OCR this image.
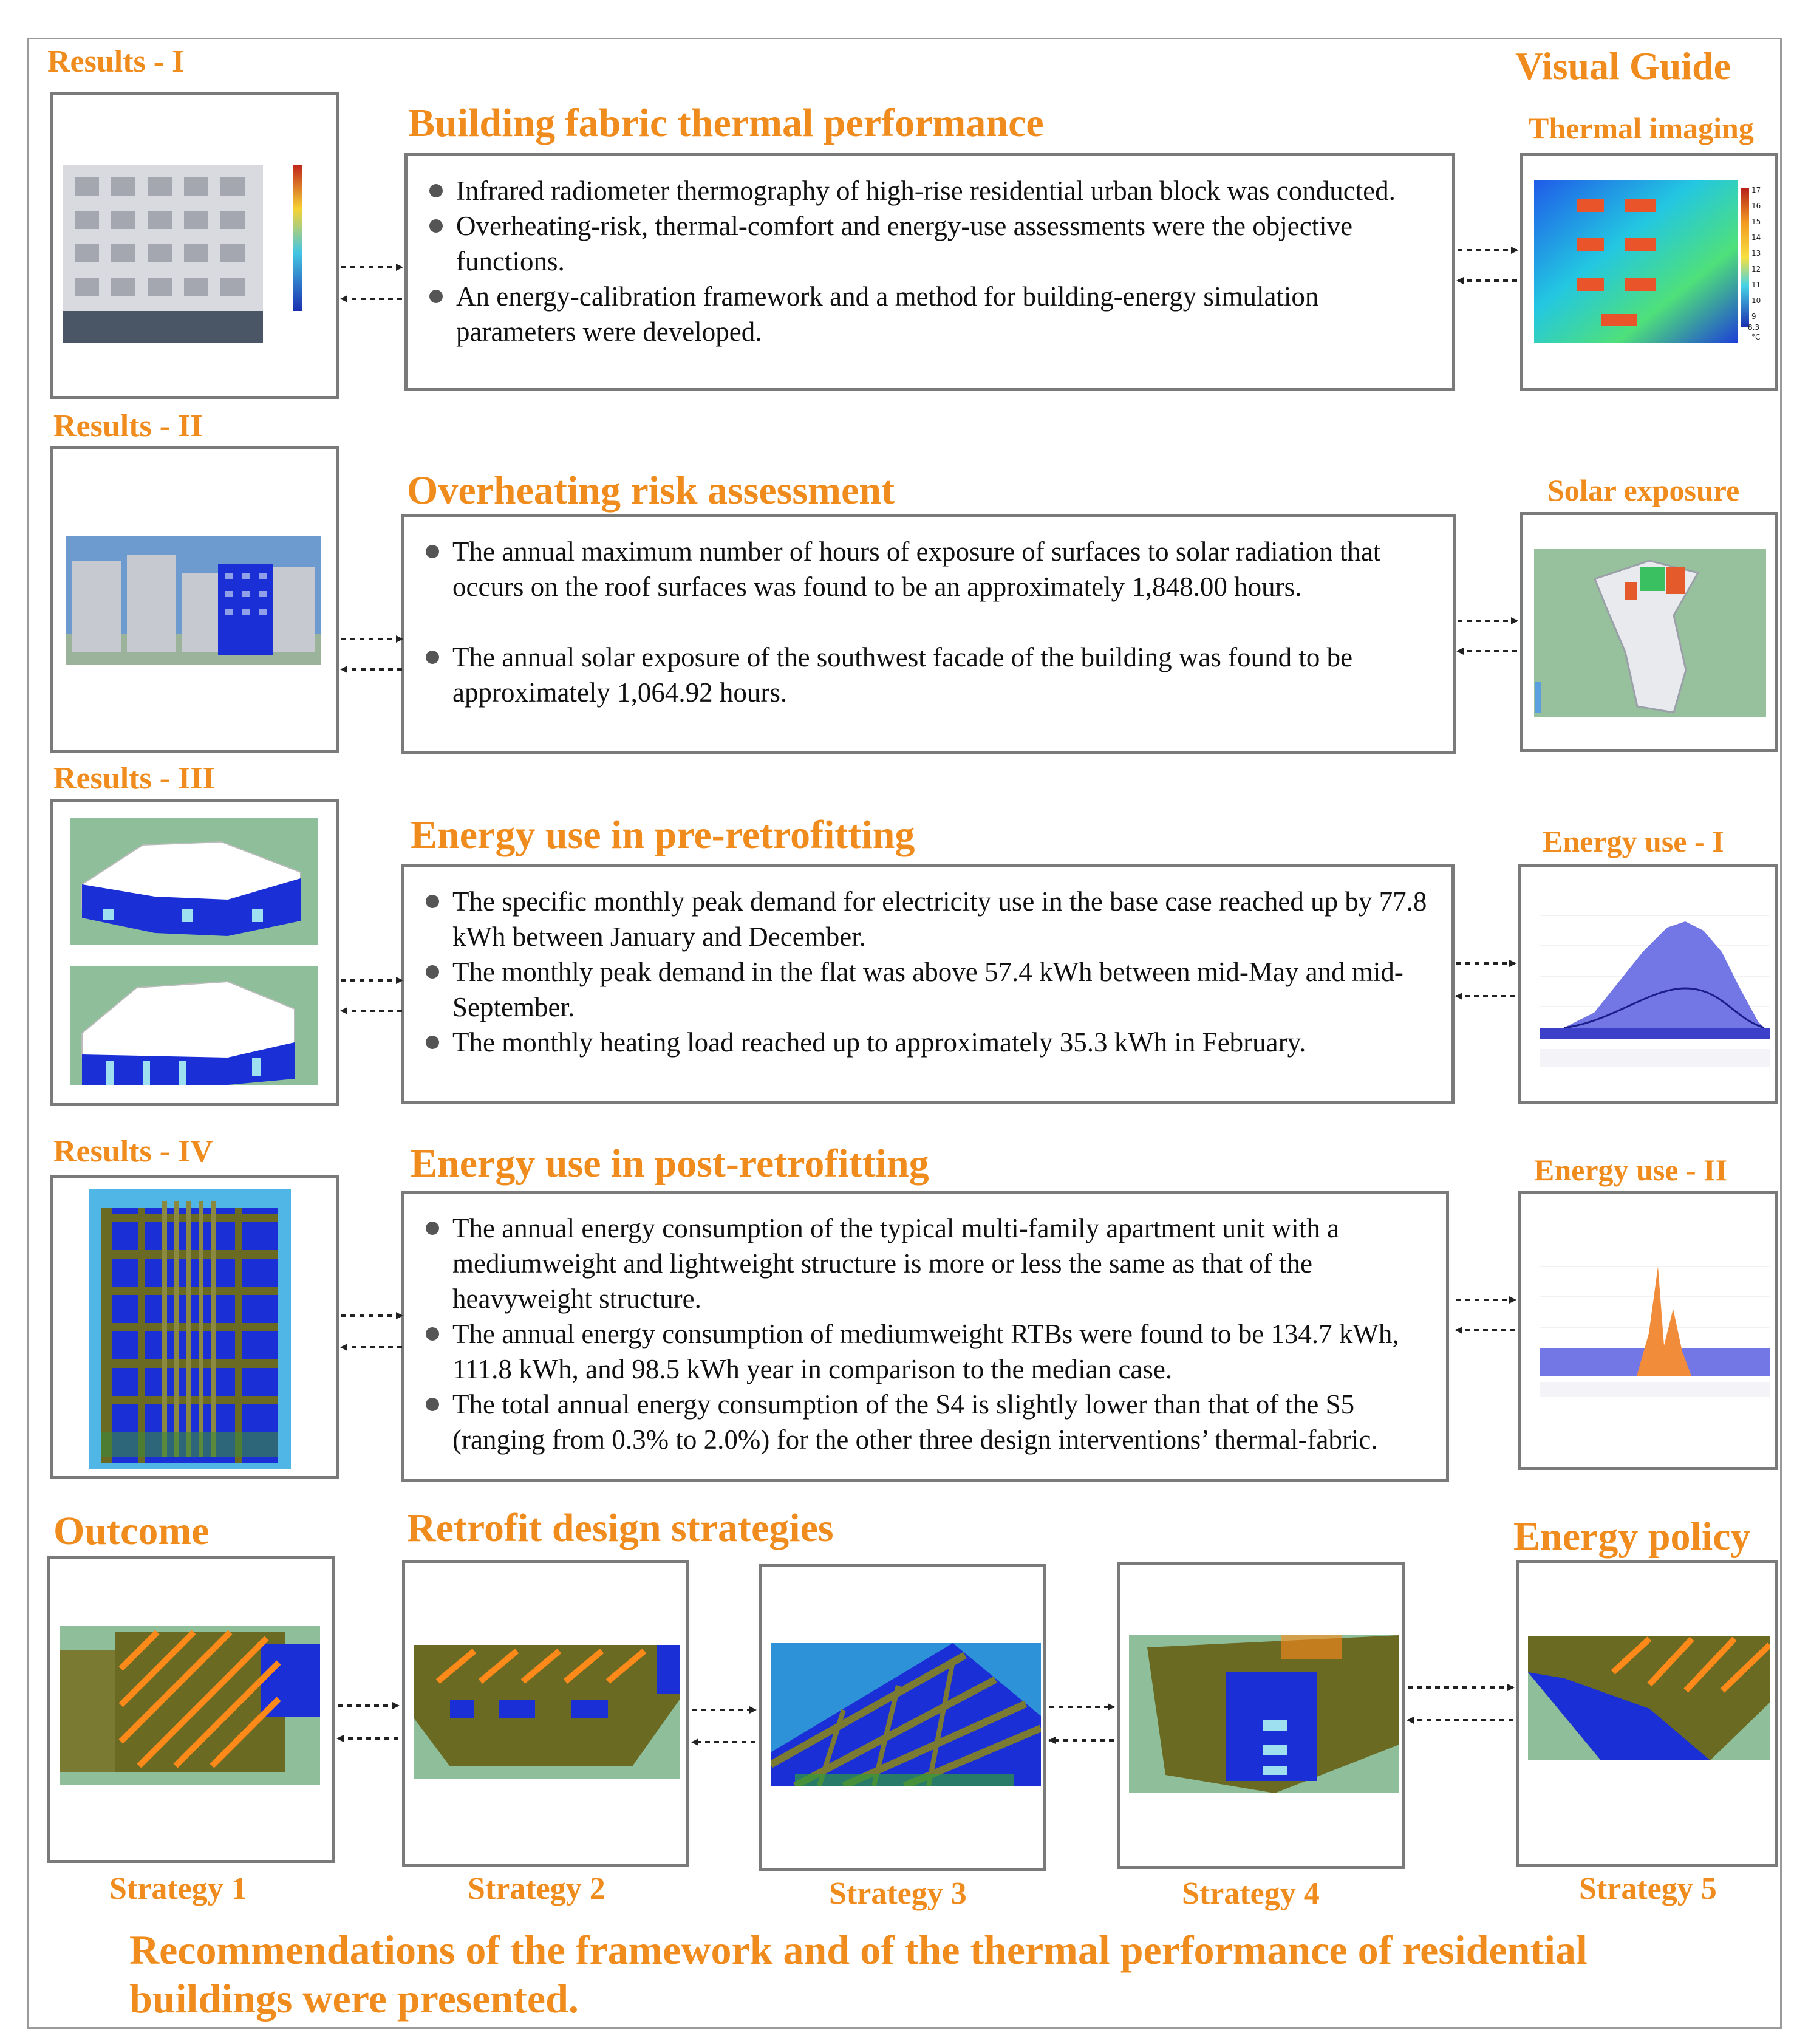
Results - I	Visual Guide
Building fabric thermal performance	Thermal imaging
Infrared radiometer thermography of high-rise residential urban block was conducted.
Overheating-risk, thermal-comfort and energy-use assessments were the objective functions.
An energy-calibration framework and a method for building-energy simulation parameters were developed.
17
16
15
14
13
12
11
10
9
8.3
°C
Results - II
Overheating risk assessment	Solar exposure
The annual maximum number of hours of exposure of surfaces to solar radiation that occurs on the roof surfaces was found to be an approximately 1,848.00 hours.
The annual solar exposure of the southwest facade of the building was found to be approximately 1,064.92 hours.
Results - III
Energy use in pre-retrofitting	Energy use - I
The specific monthly peak demand for electricity use in the base case reached up by 77.8 kWh between January and December.
The monthly peak demand in the flat was above 57.4 kWh between mid-May and mid-September.
The monthly heating load reached up to approximately 35.3 kWh in February.
Results - IV	Energy use in post-retrofitting	Energy use - II
The annual energy consumption of the typical multi-family apartment unit with a mediumweight and lightweight structure is more or less the same as that of the heavyweight structure.
The annual energy consumption of mediumweight RTBs were found to be 134.7 kWh, 111.8 kWh, and 98.5 kWh year in comparison to the median case.
The total annual energy consumption of the S4 is slightly lower than that of the S5 (ranging from 0.3% to 2.0%) for the other three design interventions’ thermal-fabric.
Outcome	Retrofit design strategies	Energy policy
Strategy 1	Strategy 2	Strategy 3	Strategy 4	Strategy 5
Recommendations of the framework and of the thermal performance of residential buildings were presented.
